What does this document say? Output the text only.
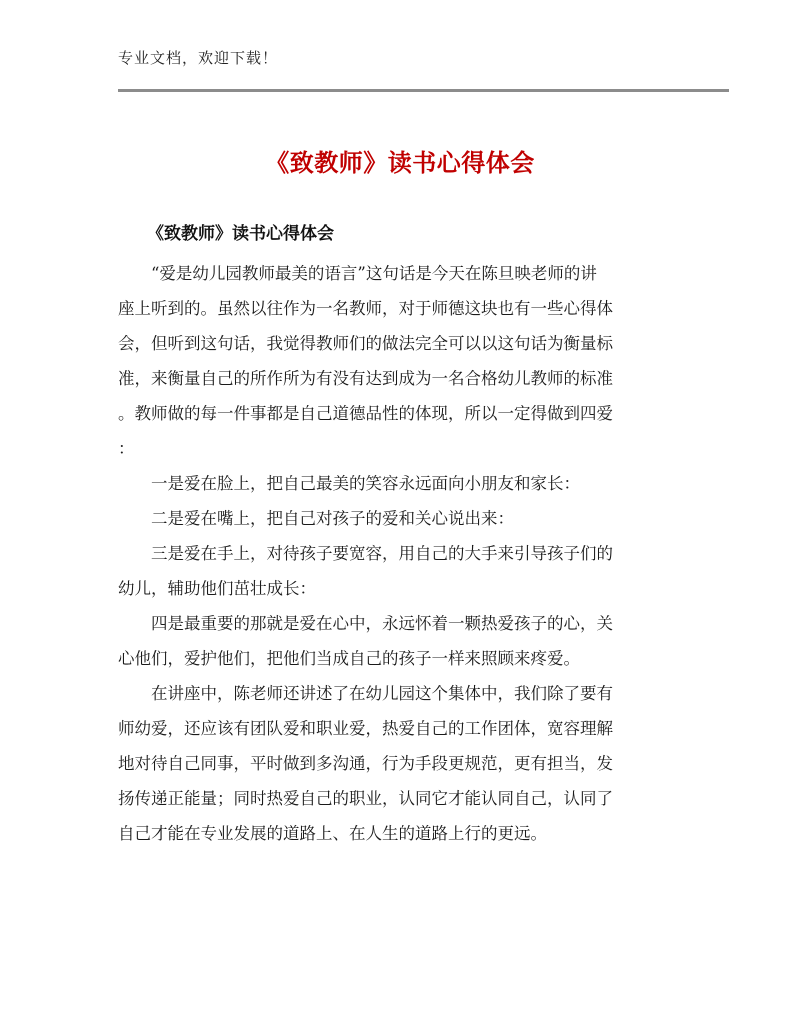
专业文档，欢迎下载！
《致教师》读书心得体会
《致教师》读书心得体会

“爱是幼儿园教师最美的语言”这句话是今天在陈旦映老师的讲
座上听到的。虽然以往作为一名教师，对于师德这块也有一些心得体
会，但听到这句话，我觉得教师们的做法完全可以以这句话为衡量标
准，来衡量自己的所作所为有没有达到成为一名合格幼儿教师的标准
。教师做的每一件事都是自己道德品性的体现，所以一定得做到四爱
：

一是爱在脸上，把自己最美的笑容永远面向小朋友和家长：

二是爱在嘴上，把自己对孩子的爱和关心说出来：

三是爱在手上，对待孩子要宽容，用自己的大手来引导孩子们的
幼儿，辅助他们茁壮成长：

四是最重要的那就是爱在心中，永远怀着一颗热爱孩子的心，关
心他们，爱护他们，把他们当成自己的孩子一样来照顾来疼爱。

在讲座中，陈老师还讲述了在幼儿园这个集体中，我们除了要有
师幼爱，还应该有团队爱和职业爱，热爱自己的工作团体，宽容理解
地对待自己同事，平时做到多沟通，行为手段更规范，更有担当，发
扬传递正能量；同时热爱自己的职业，认同它才能认同自己，认同了
自己才能在专业发展的道路上、在人生的道路上行的更远。
